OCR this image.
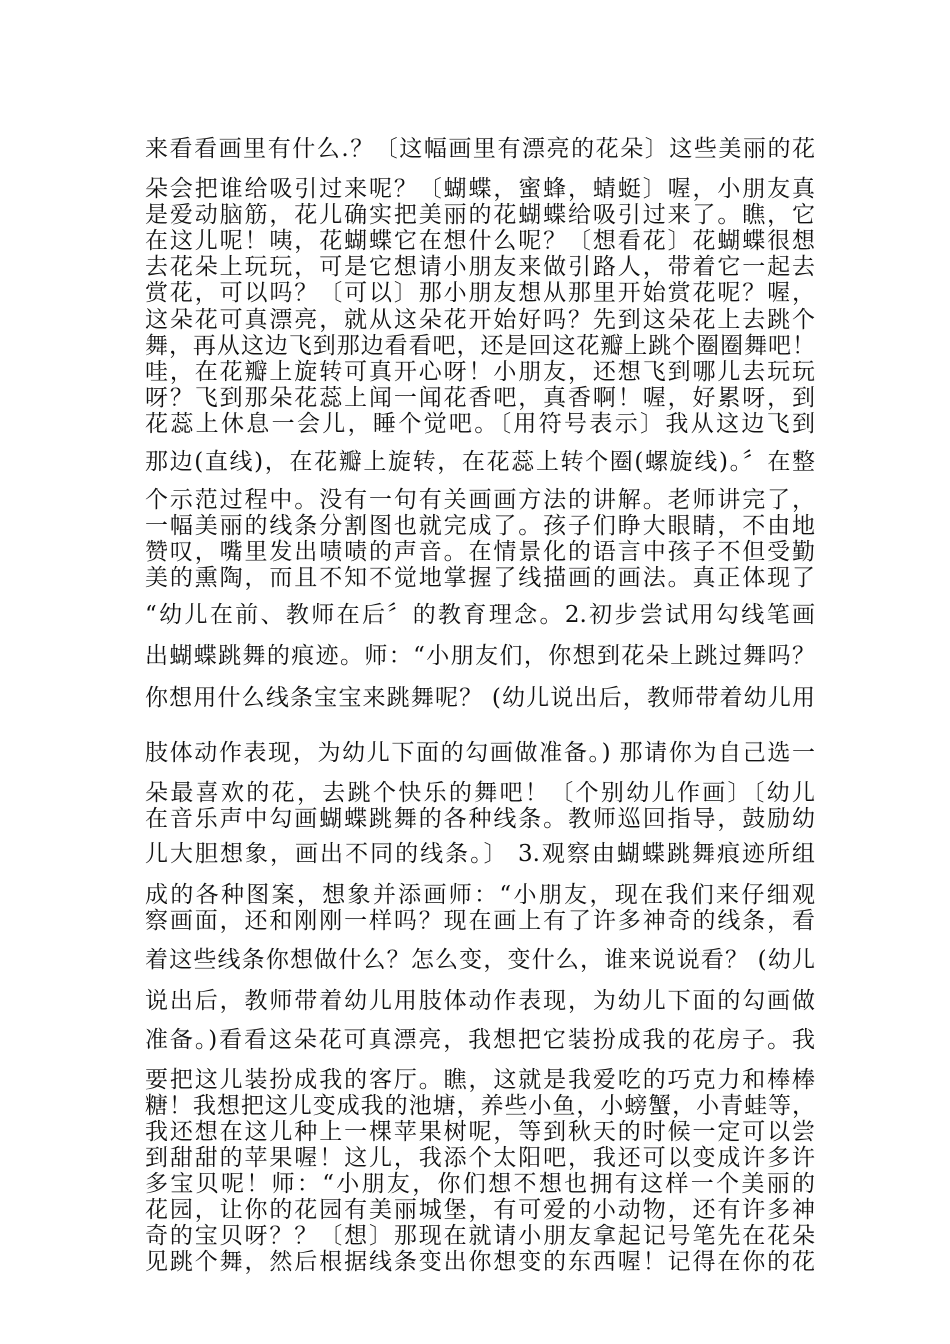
来看看画里有什么.？〔这幅画里有漂亮的花朵〕这些美丽的花
朵会把谁给吸引过来呢？〔蝴蝶，蜜蜂，蜻蜓〕喔，小朋友真
是爱动脑筋，花儿确实把美丽的花蝴蝶给吸引过来了。瞧，它
在这儿呢！咦，花蝴蝶它在想什么呢？〔想看花〕花蝴蝶很想
去花朵上玩玩，可是它想请小朋友来做引路人，带着它一起去
赏花，可以吗？〔可以〕那小朋友想从那里开始赏花呢？喔，
这朵花可真漂亮，就从这朵花开始好吗？先到这朵花上去跳个
舞，再从这边飞到那边看看吧，还是回这花瓣上跳个圈圈舞吧！
哇，在花瓣上旋转可真开心呀！小朋友，还想飞到哪儿去玩玩
呀？飞到那朵花蕊上闻一闻花香吧，真香啊！喔，好累呀，到
花蕊上休息一会儿，睡个觉吧。〔用符号表示〕我从这边飞到
那边(直线)，在花瓣上旋转，在花蕊上转个圈(螺旋线)。〞在整
个示范过程中。没有一句有关画画方法的讲解。老师讲完了，
一幅美丽的线条分割图也就完成了。孩子们睁大眼睛，不由地
赞叹，嘴里发出啧啧的声音。在情景化的语言中孩子不但受勤
美的熏陶，而且不知不觉地掌握了线描画的画法。真正体现了
“幼儿在前、教师在后〞的教育理念。2.初步尝试用勾线笔画
出蝴蝶跳舞的痕迹。师：“小朋友们，你想到花朵上跳过舞吗？
你想用什么线条宝宝来跳舞呢？ (幼儿说出后，教师带着幼儿用
肢体动作表现，为幼儿下面的勾画做准备。) 那请你为自己选一
朵最喜欢的花，去跳个快乐的舞吧！〔个别幼儿作画〕〔幼儿
在音乐声中勾画蝴蝶跳舞的各种线条。教师巡回指导，鼓励幼
儿大胆想象，画出不同的线条。〕 3.观察由蝴蝶跳舞痕迹所组
成的各种图案，想象并添画师：“小朋友，现在我们来仔细观
察画面，还和刚刚一样吗？现在画上有了许多神奇的线条，看
着这些线条你想做什么？怎么变，变什么，谁来说说看？ (幼儿
说出后，教师带着幼儿用肢体动作表现，为幼儿下面的勾画做
准备。)看看这朵花可真漂亮，我想把它装扮成我的花房子。我
要把这儿装扮成我的客厅。瞧，这就是我爱吃的巧克力和棒棒
糖！我想把这儿变成我的池塘，养些小鱼，小螃蟹，小青蛙等，
我还想在这儿种上一棵苹果树呢，等到秋天的时候一定可以尝
到甜甜的苹果喔！这儿，我添个太阳吧，我还可以变成许多许
多宝贝呢！师：“小朋友，你们想不想也拥有这样一个美丽的
花园，让你的花园有美丽城堡，有可爱的小动物，还有许多神
奇的宝贝呀？？〔想〕那现在就请小朋友拿起记号笔先在花朵
见跳个舞，然后根据线条变出你想变的东西喔！记得在你的花
